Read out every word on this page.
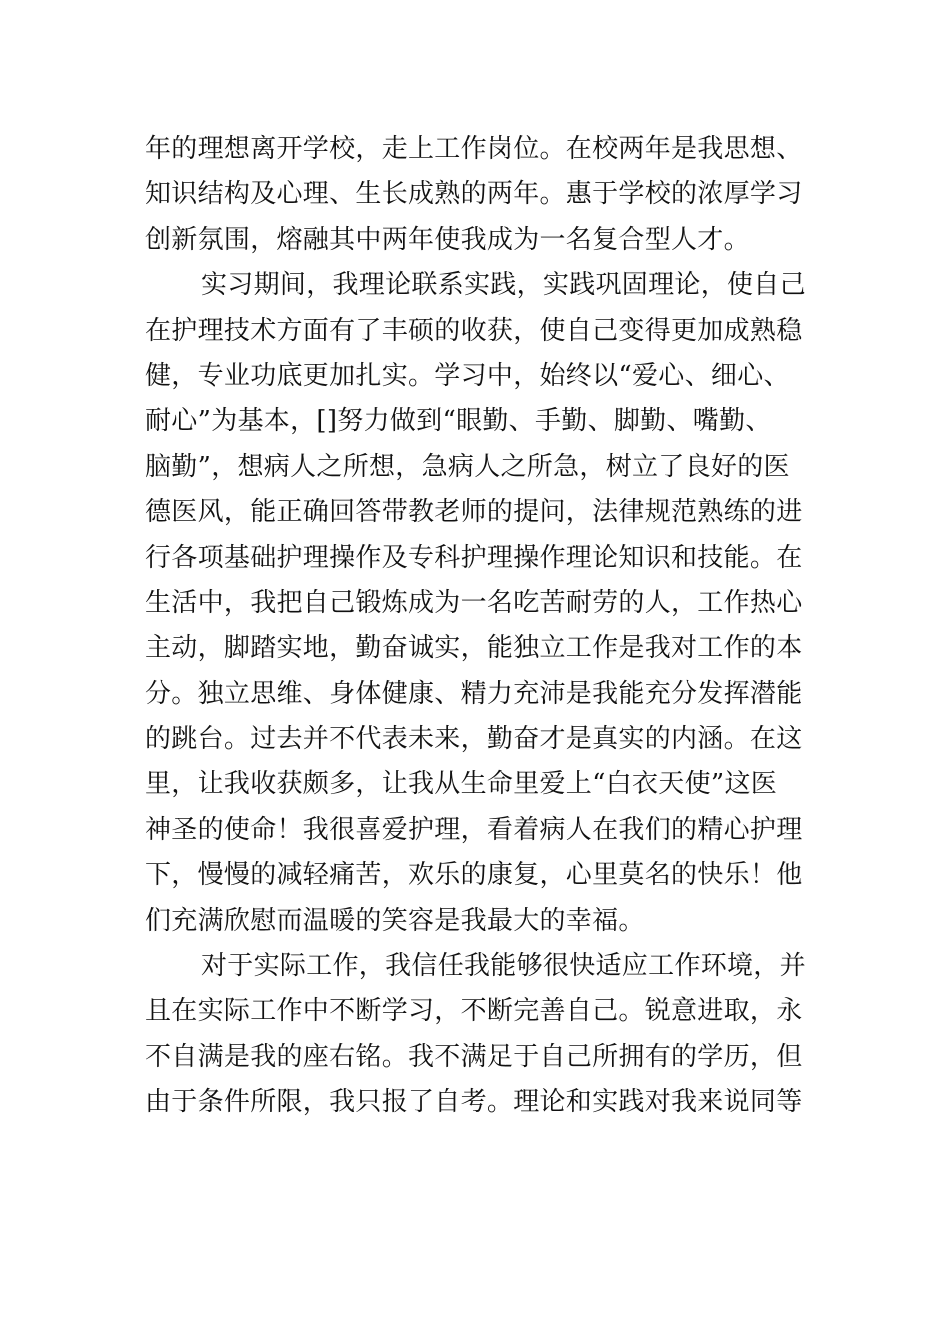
年的理想离开学校，走上工作岗位。在校两年是我思想、
知识结构及心理、生长成熟的两年。惠于学校的浓厚学习
创新氛围，熔融其中两年使我成为一名复合型人才。
实习期间，我理论联系实践，实践巩固理论，使自己
在护理技术方面有了丰硕的收获，使自己变得更加成熟稳
健，专业功底更加扎实。学习中，始终以“爱心、细心、
耐心”为基本，[]努力做到“眼勤、手勤、脚勤、嘴勤、
脑勤”，想病人之所想，急病人之所急，树立了良好的医
德医风，能正确回答带教老师的提问，法律规范熟练的进
行各项基础护理操作及专科护理操作理论知识和技能。在
生活中，我把自己锻炼成为一名吃苦耐劳的人，工作热心
主动，脚踏实地，勤奋诚实，能独立工作是我对工作的本
分。独立思维、身体健康、精力充沛是我能充分发挥潜能
的跳台。过去并不代表未来，勤奋才是真实的内涵。在这
里，让我收获颇多，让我从生命里爱上“白衣天使”这医
神圣的使命！我很喜爱护理，看着病人在我们的精心护理
下，慢慢的减轻痛苦，欢乐的康复，心里莫名的快乐！他
们充满欣慰而温暖的笑容是我最大的幸福。
对于实际工作，我信任我能够很快适应工作环境，并
且在实际工作中不断学习，不断完善自己。锐意进取，永
不自满是我的座右铭。我不满足于自己所拥有的学历，但
由于条件所限，我只报了自考。理论和实践对我来说同等
